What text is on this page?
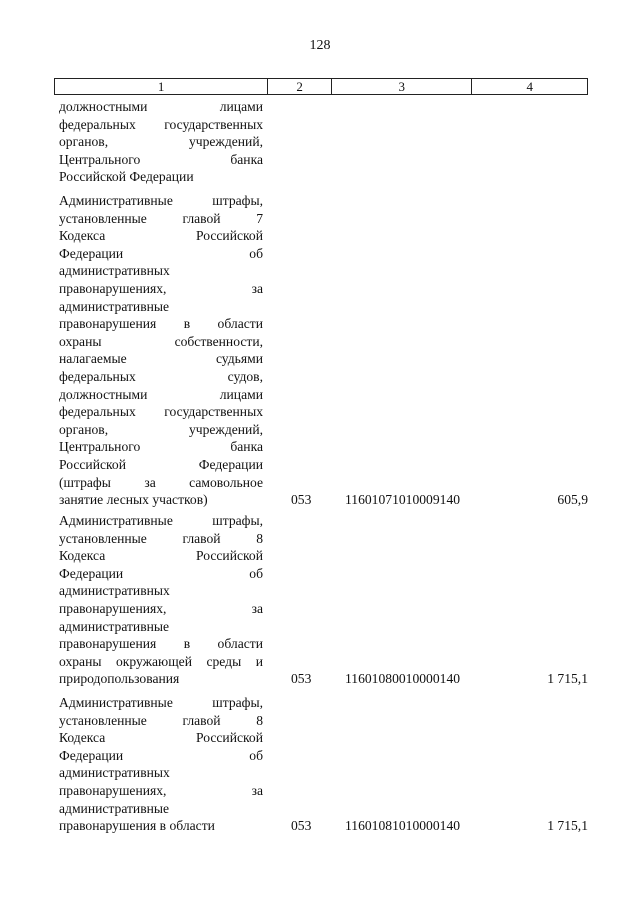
128
1	2	3	4
должностными лицами
федеральных государственных
органов, учреждений,
Центрального банка
Российской Федерации
Административные штрафы,
установленные главой 7
Кодекса Российской
Федерации об
административных
правонарушениях, за
административные
правонарушения в области
охраны собственности,
налагаемые судьями
федеральных судов,
должностными лицами
федеральных государственных
органов, учреждений,
Центрального банка
Российской Федерации
(штрафы за самовольное
занятие лесных участков)	053 11601071010009140	605,9
Административные штрафы,
установленные главой 8
Кодекса Российской
Федерации об
административных
правонарушениях, за
административные
правонарушения в области
охраны окружающей среды и
природопользования	053 11601080010000140	1 715,1
Административные штрафы,
установленные главой 8
Кодекса Российской
Федерации об
административных
правонарушениях, за
административные
правонарушения в области	053 11601081010000140	1 715,1
